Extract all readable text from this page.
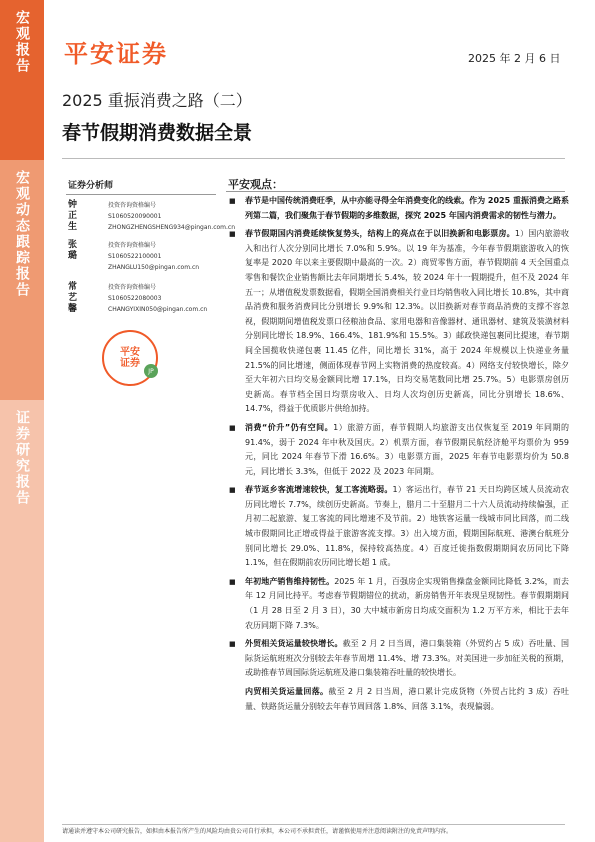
宏观报告
宏观动态跟踪报告
证券研究报告
平安证券	2025 年 2 月 6 日
2025 重振消费之路（二）
春节假期消费数据全景
证券分析师
钟正生
投资咨询资格编号
S1060520090001
ZHONGZHENGSHENG934@pingan.com.cn
张璐
投资咨询资格编号
S1060522100001
ZHANGLU150@pingan.com.cn
常艺馨
投资咨询资格编号
S1060522080003
CHANGYIXIN050@pingan.com.cn
平安
证券
JP
平安观点：
■ 春节是中国传统消费旺季，从中亦能寻得全年消费变化的线索。作为 2025 重振消费之路系列第二篇，我们聚焦于春节假期的多维数据，探究 2025 年国内消费需求的韧性与潜力。
■ 春节假期国内消费延续恢复势头，结构上的亮点在于以旧换新和电影票房。1）国内旅游收入和出行人次分别同比增长 7.0%和 5.9%。以 19 年为基准，今年春节假期旅游收入的恢复率是 2020 年以来主要假期中最高的一次。2）商贸零售方面，春节假期前 4 天全国重点零售和餐饮企业销售额比去年同期增长 5.4%，较 2024 年十一假期提升，但不及 2024 年五一；从增值税发票数据看，假期全国消费相关行业日均销售收入同比增长 10.8%，其中商品消费和服务消费同比分别增长 9.9%和 12.3%。以旧换新对春节商品消费的支撑不容忽视，假期期间增值税发票口径粮油食品、家用电器和音像器材、通讯器材、建筑及装潢材料分别同比增长 18.9%、166.4%、181.9%和 15.5%。3）邮政快递包裹同比提速，春节期间全国揽收快递包裹 11.45 亿件，同比增长 31%，高于 2024 年规模以上快递业务量 21.5%的同比增速，侧面体现春节网上实物消费的热度较高。4）网络支付较快增长，除夕至大年初六日均交易金额同比增 17.1%，日均交易笔数同比增 25.7%。5）电影票房创历史新高。春节档全国日均票房收入、日均人次均创历史新高，同比分别增长 18.6%、14.7%，得益于优质影片供给加持。
■ 消费“价升”仍有空间。1）旅游方面，春节假期人均旅游支出仅恢复至 2019 年同期的 91.4%，弱于 2024 年中秋及国庆。2）机票方面，春节假期民航经济舱平均票价为 959 元，同比 2024 年春节下滑 16.6%。3）电影票方面，2025 年春节电影票均价为 50.8 元，同比增长 3.3%，但低于 2022 及 2023 年同期。
■ 春节返乡客流增速较快，复工客流略弱。1）客运出行，春节 21 天日均跨区域人员流动农历同比增长 7.7%，续创历史新高。节奏上，腊月二十至腊月二十六人员流动持续偏强，正月初二起旅游、复工客流的同比增速不及节前。2）地铁客运量一线城市同比回落，而二线城市假期同比正增或得益于旅游客流支撑。3）出入境方面，假期国际航班、港澳台航班分别同比增长 29.0%、11.8%，保持较高热度。4）百度迁徙指数假期期间农历同比下降 1.1%，但在假期前农历同比增长超 1 成。
■ 年初地产销售维持韧性。2025 年 1 月，百强房企实现销售操盘金额同比降低 3.2%，而去年 12 月同比持平。考虑春节假期错位的扰动，新房销售开年表现呈现韧性。春节假期期间（1 月 28 日至 2 月 3 日），30 大中城市新房日均成交面积为 1.2 万平方米，相比于去年农历同期下降 7.3%。
■ 外贸相关货运量较快增长。截至 2 月 2 日当周，港口集装箱（外贸约占 5 成）吞吐量、国际货运航班班次分别较去年春节周增 11.4%、增 73.3%。对美国进一步加征关税的预期，或助推春节周国际货运航班及港口集装箱吞吐量的较快增长。
内贸相关货运量回落。截至 2 月 2 日当周，港口累计完成货物（外贸占比约 3 成）吞吐量、铁路货运量分别较去年春节周回落 1.8%、回落 3.1%，表现偏弱。
请通读并遵守本公司研究报告，如担由本报告所产生的风险均由贵公司自行承担，本公司不承担责任，请谨慎使用并注意阅读附注的免责声明内容。
